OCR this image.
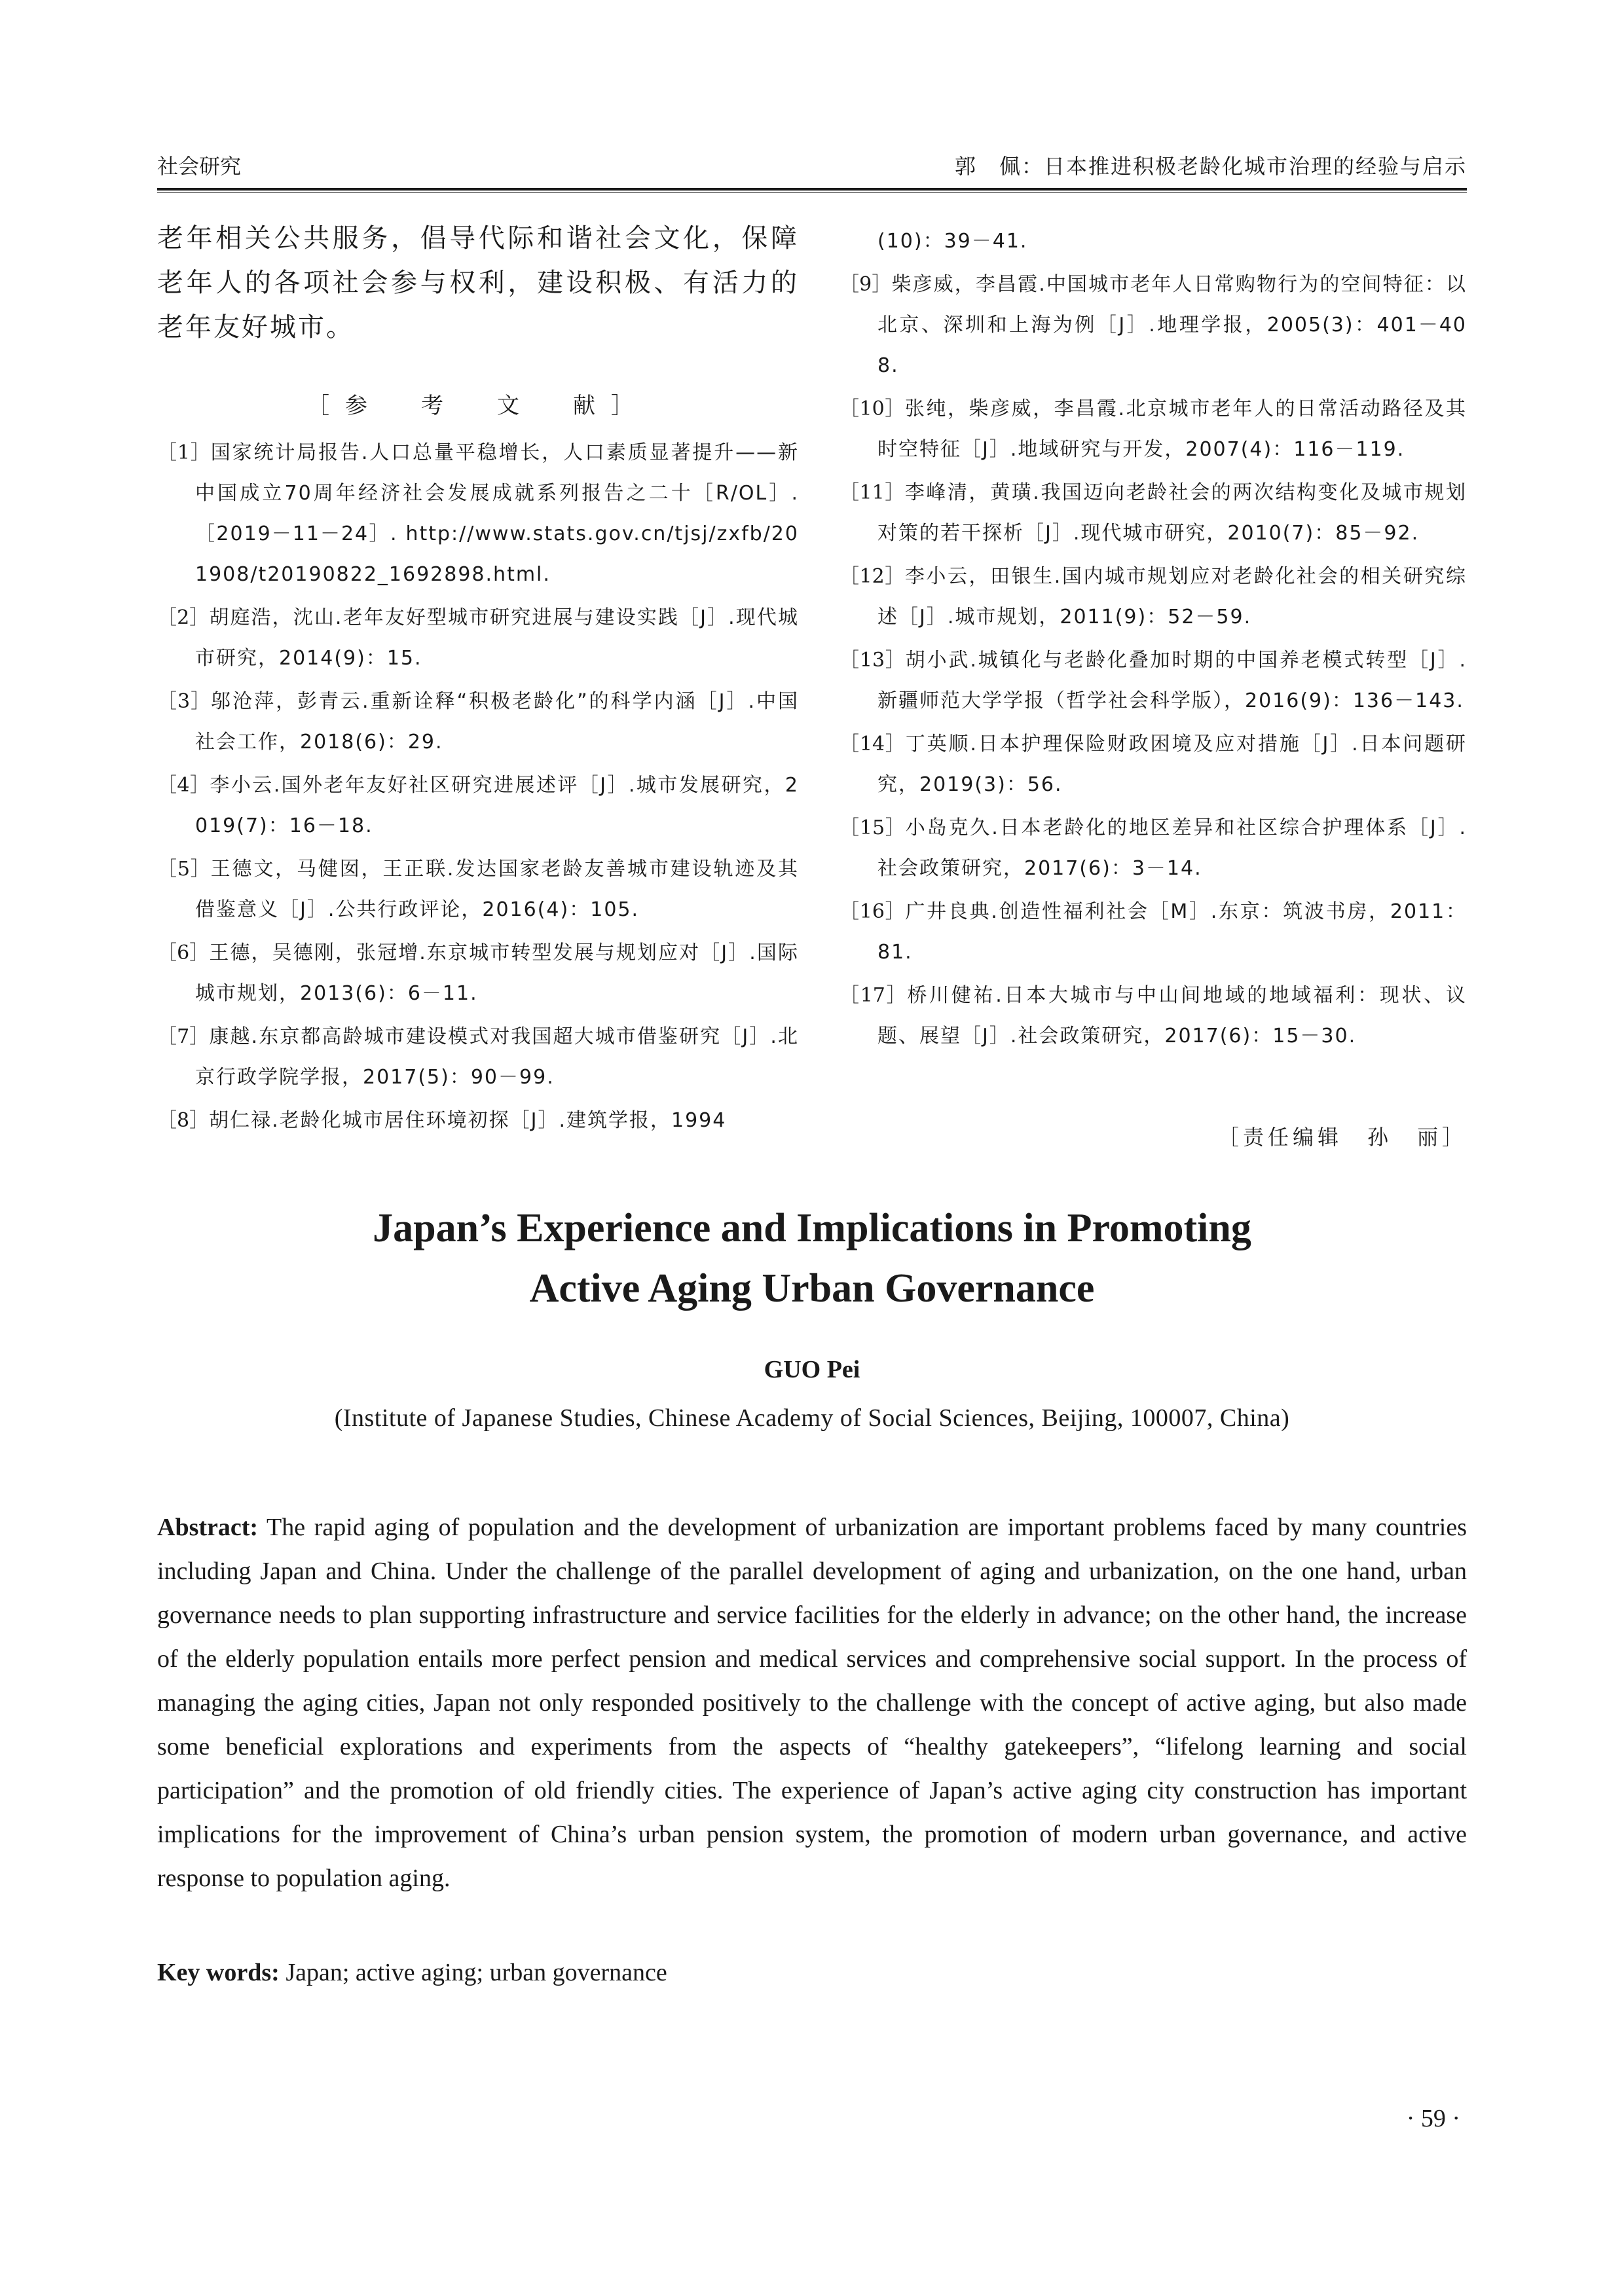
社会研究	郭　佩：日本推进积极老龄化城市治理的经验与启示

老年相关公共服务，倡导代际和谐社会文化，保障老年人的各项社会参与权利，建设积极、有活力的老年友好城市。

［参　考　文　献］
［1］国家统计局报告.人口总量平稳增长，人口素质显著提升——新中国成立70周年经济社会发展成就系列报告之二十［R/OL］.［2019－11－24］. http://www.stats.gov.cn/tjsj/zxfb/201908/t20190822_1692898.html.
［2］胡庭浩，沈山.老年友好型城市研究进展与建设实践［J］.现代城市研究，2014(9)：15.
［3］邬沧萍，彭青云.重新诠释“积极老龄化”的科学内涵［J］.中国社会工作，2018(6)：29.
［4］李小云.国外老年友好社区研究进展述评［J］.城市发展研究，2019(7)：16－18.
［5］王德文，马健囡，王正联.发达国家老龄友善城市建设轨迹及其借鉴意义［J］.公共行政评论，2016(4)：105.
［6］王德，吴德刚，张冠增.东京城市转型发展与规划应对［J］.国际城市规划，2013(6)：6－11.
［7］康越.东京都高龄城市建设模式对我国超大城市借鉴研究［J］.北京行政学院学报，2017(5)：90－99.
［8］胡仁禄.老龄化城市居住环境初探［J］.建筑学报，1994
(10)：39－41.
［9］柴彦威，李昌霞.中国城市老年人日常购物行为的空间特征：以北京、深圳和上海为例［J］.地理学报，2005(3)：401－408.
［10］张纯，柴彦威，李昌霞.北京城市老年人的日常活动路径及其时空特征［J］.地域研究与开发，2007(4)：116－119.
［11］李峰清，黄璜.我国迈向老龄社会的两次结构变化及城市规划对策的若干探析［J］.现代城市研究，2010(7)：85－92.
［12］李小云，田银生.国内城市规划应对老龄化社会的相关研究综述［J］.城市规划，2011(9)：52－59.
［13］胡小武.城镇化与老龄化叠加时期的中国养老模式转型［J］.新疆师范大学学报（哲学社会科学版），2016(9)：136－143.
［14］丁英顺.日本护理保险财政困境及应对措施［J］.日本问题研究，2019(3)：56.
［15］小岛克久.日本老龄化的地区差异和社区综合护理体系［J］.社会政策研究，2017(6)：3－14.
［16］广井良典.创造性福利社会［M］.东京：筑波书房，2011：81.
［17］桥川健祐.日本大城市与中山间地域的地域福利：现状、议题、展望［J］.社会政策研究，2017(6)：15－30.
［责任编辑　孙　丽］
Japan’s Experience and Implications in Promoting
Active Aging Urban Governance
GUO Pei
(Institute of Japanese Studies, Chinese Academy of Social Sciences, Beijing, 100007, China)

Abstract: The rapid aging of population and the development of urbanization are important problems faced by many countries including Japan and China. Under the challenge of the parallel development of aging and urbanization, on the one hand, urban governance needs to plan supporting infrastructure and service facilities for the elderly in advance; on the other hand, the increase of the elderly population entails more perfect pension and medical services and comprehensive social support. In the process of managing the aging cities, Japan not only responded positively to the challenge with the concept of active aging, but also made some beneficial explorations and experiments from the aspects of “healthy gatekeepers”, “lifelong learning and social participation” and the promotion of old friendly cities. The experience of Japan’s active aging city construction has important implications for the improvement of China’s urban pension system, the promotion of modern urban governance, and active response to population aging.

Key words: Japan; active aging; urban governance

· 59 ·
